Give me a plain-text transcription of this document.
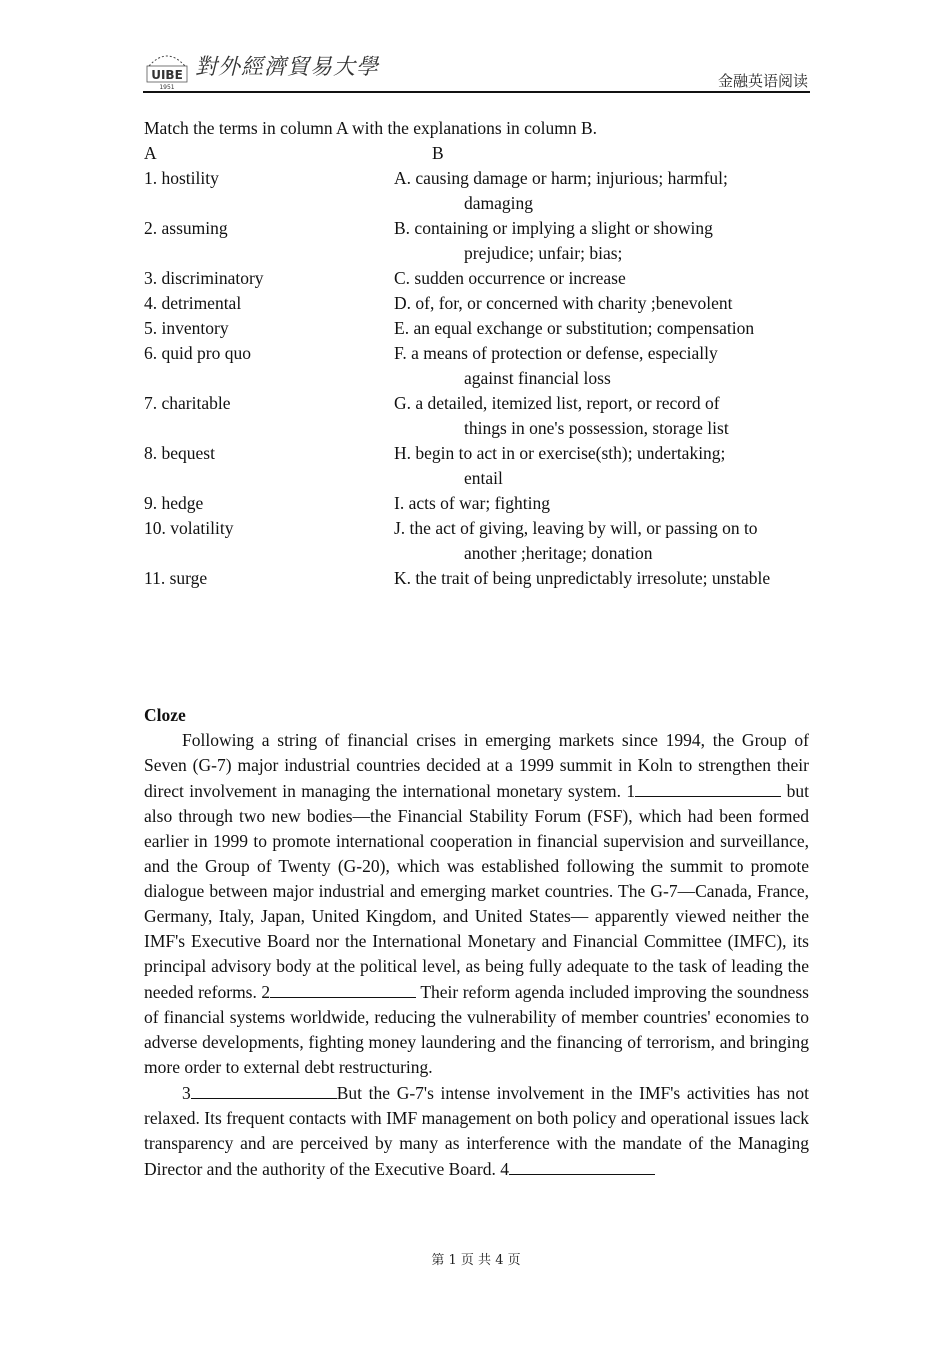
UIBE
1951
對外經濟貿易大學
金融英语阅读

Match the terms in column A with the explanations in column B.

A	B
1. hostility	A. causing damage or harm; injurious; harmful;
damaging
2. assuming	B. containing or implying a slight or showing
prejudice; unfair; bias;
3. discriminatory	C. sudden occurrence or increase
4. detrimental	D. of, for, or concerned with charity ;benevolent
5. inventory	E. an equal exchange or substitution; compensation
6. quid pro quo	F. a means of protection or defense, especially
against financial loss
7. charitable	G. a detailed, itemized list, report, or record of
things in one's possession, storage list
8. bequest	H. begin to act in or exercise(sth); undertaking;
entail
9. hedge	I. acts of war; fighting
10. volatility	J. the act of giving, leaving by will, or passing on to
another ;heritage; donation
11. surge	K. the trait of being unpredictably irresolute; unstable

Cloze

Following a string of financial crises in emerging markets since 1994, the Group of Seven (G-7) major industrial countries decided at a 1999 summit in Koln to strengthen their direct involvement in managing the international monetary system. 1	but also through two new bodies—the Financial Stability Forum (FSF), which had been formed earlier in 1999 to promote international cooperation in financial supervision and surveillance, and the Group of Twenty (G-20), which was established following the summit to promote dialogue between major industrial and emerging market countries. The G-7—Canada, France, Germany, Italy, Japan, United Kingdom, and United States— apparently viewed neither the IMF's Executive Board nor the International Monetary and Financial Committee (IMFC), its principal advisory body at the political level, as being fully adequate to the task of leading the needed reforms. 2	Their reform agenda included improving the soundness of financial systems worldwide, reducing the vulnerability of member countries' economies to adverse developments, fighting money laundering and the financing of terrorism, and bringing more order to external debt restructuring.

3	But the G-7's intense involvement in the IMF's activities has not relaxed. Its frequent contacts with IMF management on both policy and operational issues lack transparency and are perceived by many as interference with the mandate of the Managing Director and the authority of the Executive Board. 4

第 1 页 共 4 页
